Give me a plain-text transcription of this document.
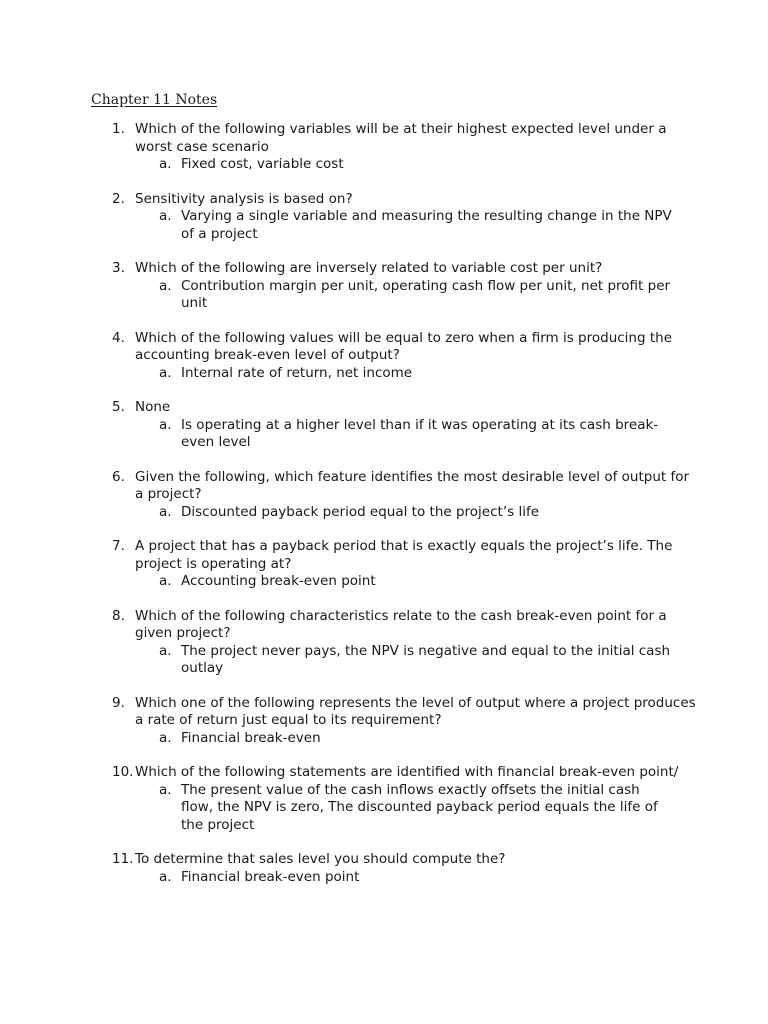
Chapter 11 Notes
1. Which of the following variables will be at their highest expected level under a worst case scenario
a. Fixed cost, variable cost
2. Sensitivity analysis is based on?
a. Varying a single variable and measuring the resulting change in the NPV of a project
3. Which of the following are inversely related to variable cost per unit?
a. Contribution margin per unit, operating cash flow per unit, net profit per unit
4. Which of the following values will be equal to zero when a firm is producing the accounting break-even level of output?
a. Internal rate of return, net income
5. None
a. Is operating at a higher level than if it was operating at its cash break-even level
6. Given the following, which feature identifies the most desirable level of output for a project?
a. Discounted payback period equal to the project’s life
7. A project that has a payback period that is exactly equals the project’s life. The project is operating at?
a. Accounting break-even point
8. Which of the following characteristics relate to the cash break-even point for a given project?
a. The project never pays, the NPV is negative and equal to the initial cash outlay
9. Which one of the following represents the level of output where a project produces a rate of return just equal to its requirement?
a. Financial break-even
10. Which of the following statements are identified with financial break-even point/
a. The present value of the cash inflows exactly offsets the initial cash flow, the NPV is zero, The discounted payback period equals the life of the project
11. To determine that sales level you should compute the?
a. Financial break-even point
